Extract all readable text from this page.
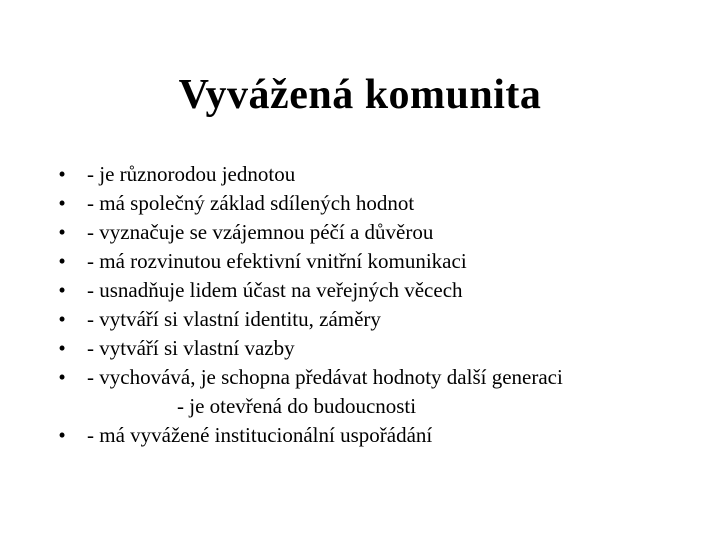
Vyvážená komunita
• - je různorodou jednotou
• - má společný základ sdílených hodnot
• - vyznačuje se vzájemnou péčí a důvěrou
• - má rozvinutou efektivní vnitřní komunikaci
• - usnadňuje lidem účast na veřejných věcech
• - vytváří si vlastní identitu, záměry
• - vytváří si vlastní vazby
• - vychovává, je schopna předávat hodnoty další generaci
- je otevřená do budoucnosti
• - má vyvážené institucionální uspořádání
